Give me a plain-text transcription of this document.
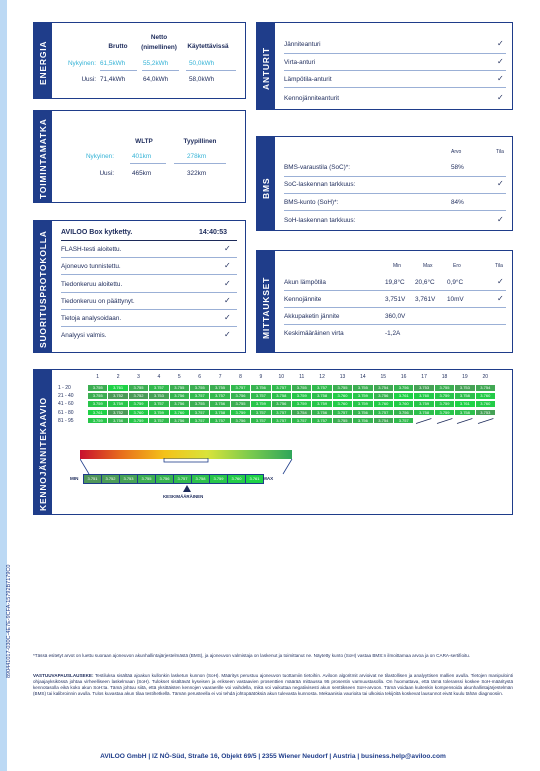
890441017-030C-4E7E-9CFA-15792B7179C0
ENERGIA	Brutto
Netto
(nimellinen)	Käytettävissä
Nykyinen: 61,5kWh	55,2kWh	50,0kWh
Uusi: 71,4kWh	64,0kWh	58,0kWh	ANTURIT
Jänniteanturi	✓
Virta-anturi	✓
Lämpötila-anturit	✓
Kennojänniteanturit	✓
TOIMINTAMATKA	WLTP	Tyypillinen
Nykyinen:	401km	278km
Uusi:	465km	322km
BMS
Arvo	Tila
BMS-varaustila (SoC)*:	58%
SoC-laskennan tarkkuus:	✓
BMS-kunto (SoH)*:	84%
SoH-laskennan tarkkuus:	✓
SUORITUSPROTOKOLLA AVILOO Box kytketty.	14:40:53
FLASH-testi aloitettu.	✓
Ajoneuvo tunnistettu.	✓
Tiedonkeruu aloitettu.	✓
Tiedonkeruu on päättynyt.	✓
Tietoja analysoidaan.	✓
Analyysi valmis.	✓	MITTAUKSET
Min	Max	Ero	Tila
Akun lämpötila	19,8°C 20,6°C 0,9°C	✓
Kennojännite	3,751V 3,761V 10mV	✓
Akkupaketin jännite	360,0V
Keskimääräinen virta	-1,2A
KENNOJÄNNITEKAAVIO
1	2	3	4	5	6	7	8	9	10	11	12	13	14	15	16	17	18	19	20
1 - 20	3.755	3.761	3.755	3.757	3.755	3.755	3.755	3.757	3.756	3.757	3.755	3.757	3.755	3.755	3.754	3.756	3.753	3.755	3.753	3.754
21 - 40	3.755	3.752	3.752	3.753	3.756	3.757	3.757	3.756	3.757	3.758	3.759	3.758	3.760	3.759	3.756	3.761	3.760	3.759	3.758	3.760
41 - 60	3.759	3.759	3.759	3.757	3.756	3.755	3.756	3.755	3.759	3.756	3.759	3.759	3.760	3.759	3.760	3.760	3.759	3.759	3.761	3.760
61 - 80	3.761	3.752	3.760	3.759	3.760	3.757	3.758	3.759	3.757	3.757	3.754	3.756	3.757	3.756	3.757	3.756	3.758	3.759	3.758	3.753
81 - 95	3.759	3.756	3.759	3.757	3.756	3.757	3.757	3.756	3.757	3.757	3.757	3.757	3.755	3.756	3.754	3.757
MIN	3.751	3.752	3.753	3.755	3.756	3.757	3.758	3.759	3.760	3.761 MAX
KESKIMÄÄRÄINEN
*Tässä esitetyt arvot on luettu suoraan ajoneuvon akunhallintajärjestelmästä (BMS), ja ajoneuvon valmistaja on laskenut ja toimittanut ne. Näytetty kunto (SoH) vastaa BMS:n ilmoittamaa arvoa ja on CARA-sertifioitu.
VASTUUVAPAUSLAUSEKE: Testiluksa sisältää ajoakun kullonkin lasketun kunnon (SoH). Määritys perustuu ajoneuvon tuottamiin tietoihin. Aviloon algoritmit arvioivat ne tilastollisen ja analyyttisen mallien avulla. Tietojen manipulointi ohjaajayksikössä johtaa virheelliseen laskelmaan (SoH). Tulokset sisältävät kyseisen ja erikseen vastaavien prosenttien määrää mittaussa 95 prosentin varmuustasolla. On huomattava, että tämä toleranssi koskee SoH-määritystä kennotasolla eikä koko akun SoH:ta. Tämä johtuu siitä, että yksittäisten kennojen vaaraerille voi vaihdella, mikä voi vaikuttaa negatiivisesti akun senttikseen SoH-arvoon. Tämä voidaan kuitenkin kompensoida akunhallintajärjestelmän (BMS) tai kalibroinnin avulla. Tulos kuvastaa akun tilaa testihetkellä. Tämän perusteella ei voi tehdä johtopäätöksiä akun tulevasta kunnosta. Mekaanisia vaurioita tai ulkoisia tekijöitä koskevat lausunnot eivät kuulu tähän diagnoosiin.
AVILOO GmbH | IZ NÖ-Süd, Straße 16, Objekt 69/5 | 2355 Wiener Neudorf | Austria | business.help@aviloo.com
